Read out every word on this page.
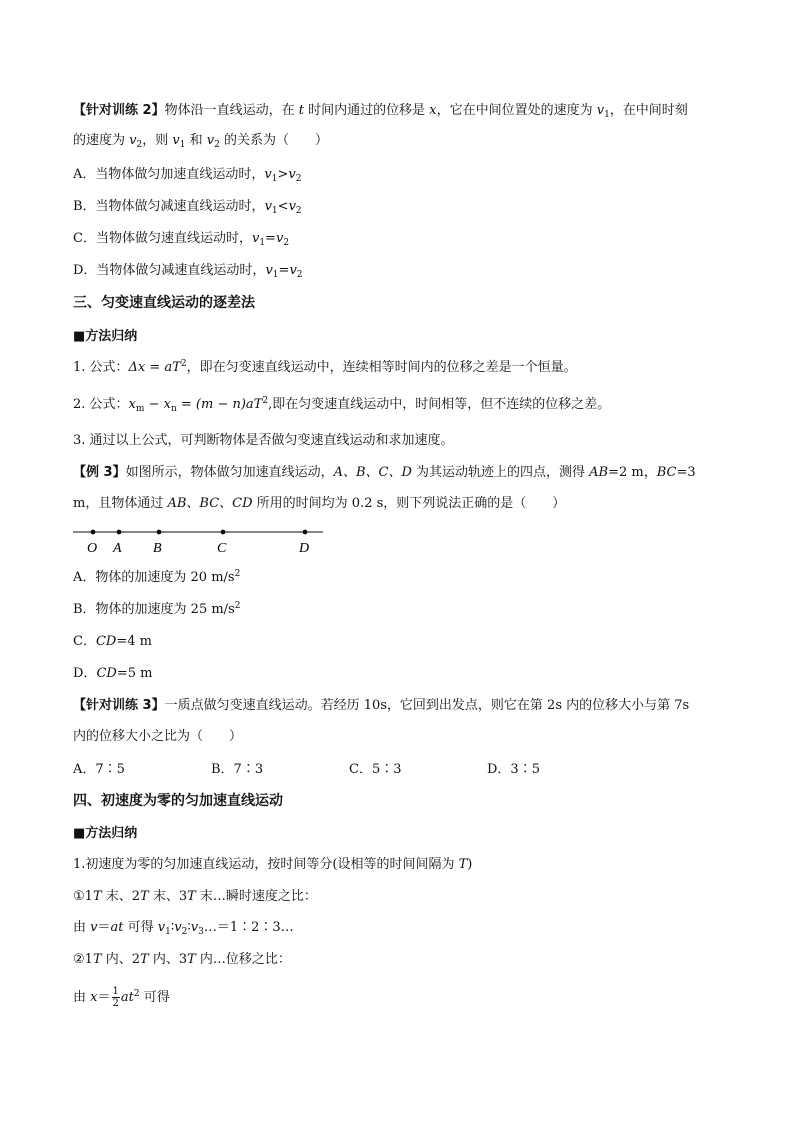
【针对训练 2】物体沿一直线运动，在 t 时间内通过的位移是 x，它在中间位置处的速度为 $v_1$，在中间时刻
的速度为 $v_2$，则 $v_1$ 和 $v_2$ 的关系为（　　）
A．当物体做匀加速直线运动时，$v_1>v_2$
B．当物体做匀减速直线运动时，$v_1<v_2$
C．当物体做匀速直线运动时，$v_1=v_2$
D．当物体做匀减速直线运动时，$v_1=v_2$
三、匀变速直线运动的逐差法
■方法归纳
1. 公式：$\Delta x = aT^2$，即在匀变速直线运动中，连续相等时间内的位移之差是一个恒量。
2. 公式：$x_m - x_n = (m - n)aT^2$,即在匀变速直线运动中，时间相等，但不连续的位移之差。
3. 通过以上公式，可判断物体是否做匀变速直线运动和求加速度。
【例 3】如图所示，物体做匀加速直线运动，A、B、C、D 为其运动轨迹上的四点，测得 AB=2 m，BC=3
m，且物体通过 AB、BC、CD 所用的时间均为 0.2 s，则下列说法正确的是（　　）
O A B	C	D
A．物体的加速度为 20 $m/s^2$
B．物体的加速度为 25 $m/s^2$
C．CD=4 m
D．CD=5 m
【针对训练 3】一质点做匀变速直线运动。若经历 10s，它回到出发点，则它在第 2s 内的位移大小与第 7s
内的位移大小之比为（　　）
A．7∶5	B．7∶3	C．5∶3	D．3∶5
四、初速度为零的匀加速直线运动
■方法归纳
1.初速度为零的匀加速直线运动，按时间等分(设相等的时间间隔为 T)
①1T 末、2T 末、3T 末…瞬时速度之比：
由 v＝at 可得 $v_1∶v_2∶v_3\dots=1∶2∶3\dots$
②1T 内、2T 内、3T 内…位移之比：
由 $x= \frac{1}{2} at^2$ 可得
